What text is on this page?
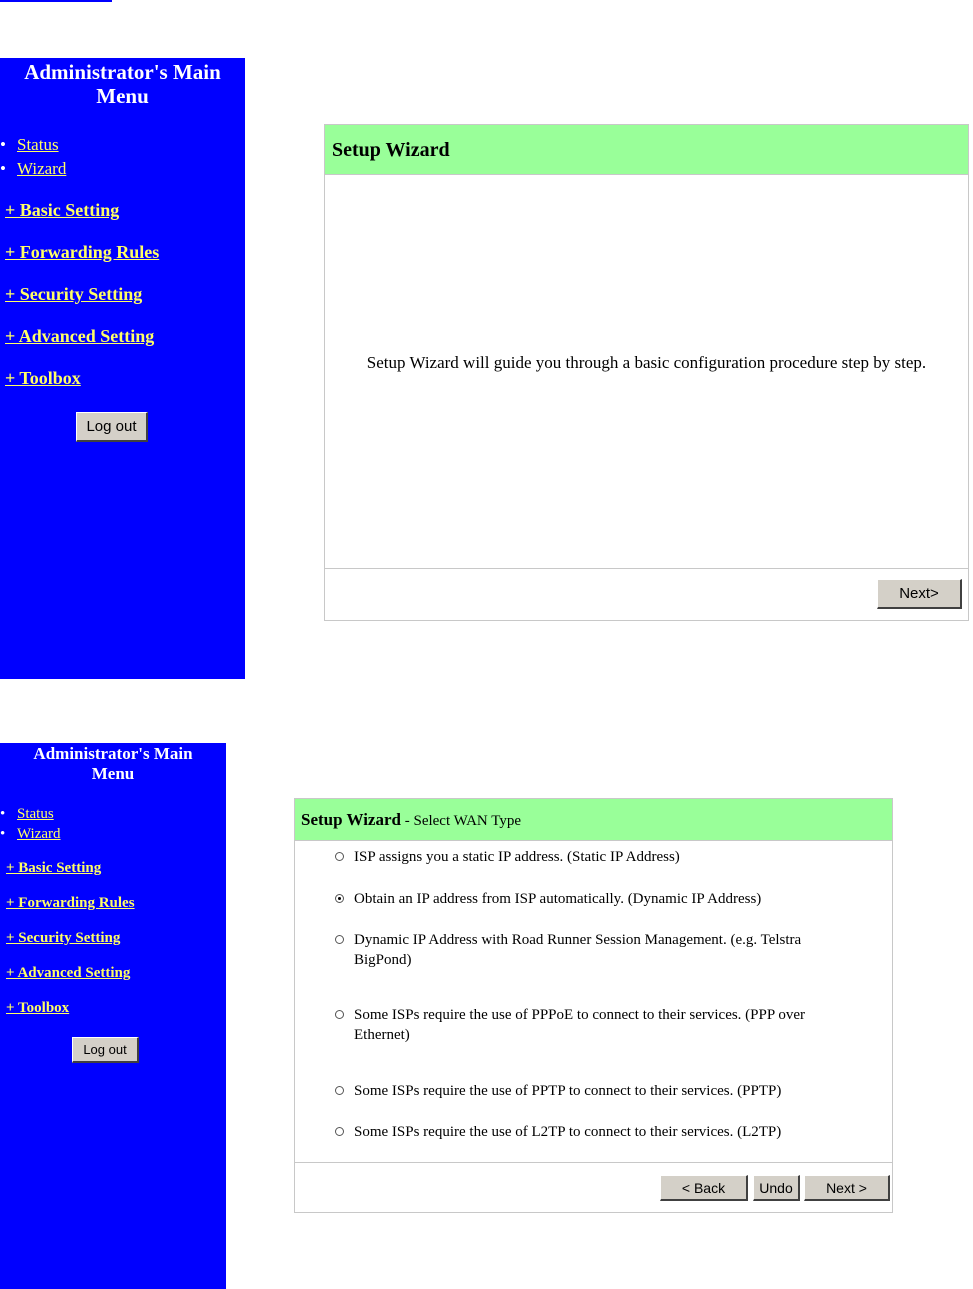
Administrator's Main
Menu
• Status
• Wizard
+ Basic Setting
+ Forwarding Rules
+ Security Setting
+ Advanced Setting
+ Toolbox
Log out
Setup Wizard
Setup Wizard will guide you through a basic configuration procedure step by step.
Next>
Administrator's Main
Menu
• Status
• Wizard
+ Basic Setting
+ Forwarding Rules
+ Security Setting
+ Advanced Setting
+ Toolbox
Log out
Setup Wizard - Select WAN Type
ISP assigns you a static IP address. (Static IP Address)
Obtain an IP address from ISP automatically. (Dynamic IP Address)
Dynamic IP Address with Road Runner Session Management. (e.g. Telstra BigPond)
Some ISPs require the use of PPPoE to connect to their services. (PPP over Ethernet)
Some ISPs require the use of PPTP to connect to their services. (PPTP)
Some ISPs require the use of L2TP to connect to their services. (L2TP)
< Back	Undo	Next >
